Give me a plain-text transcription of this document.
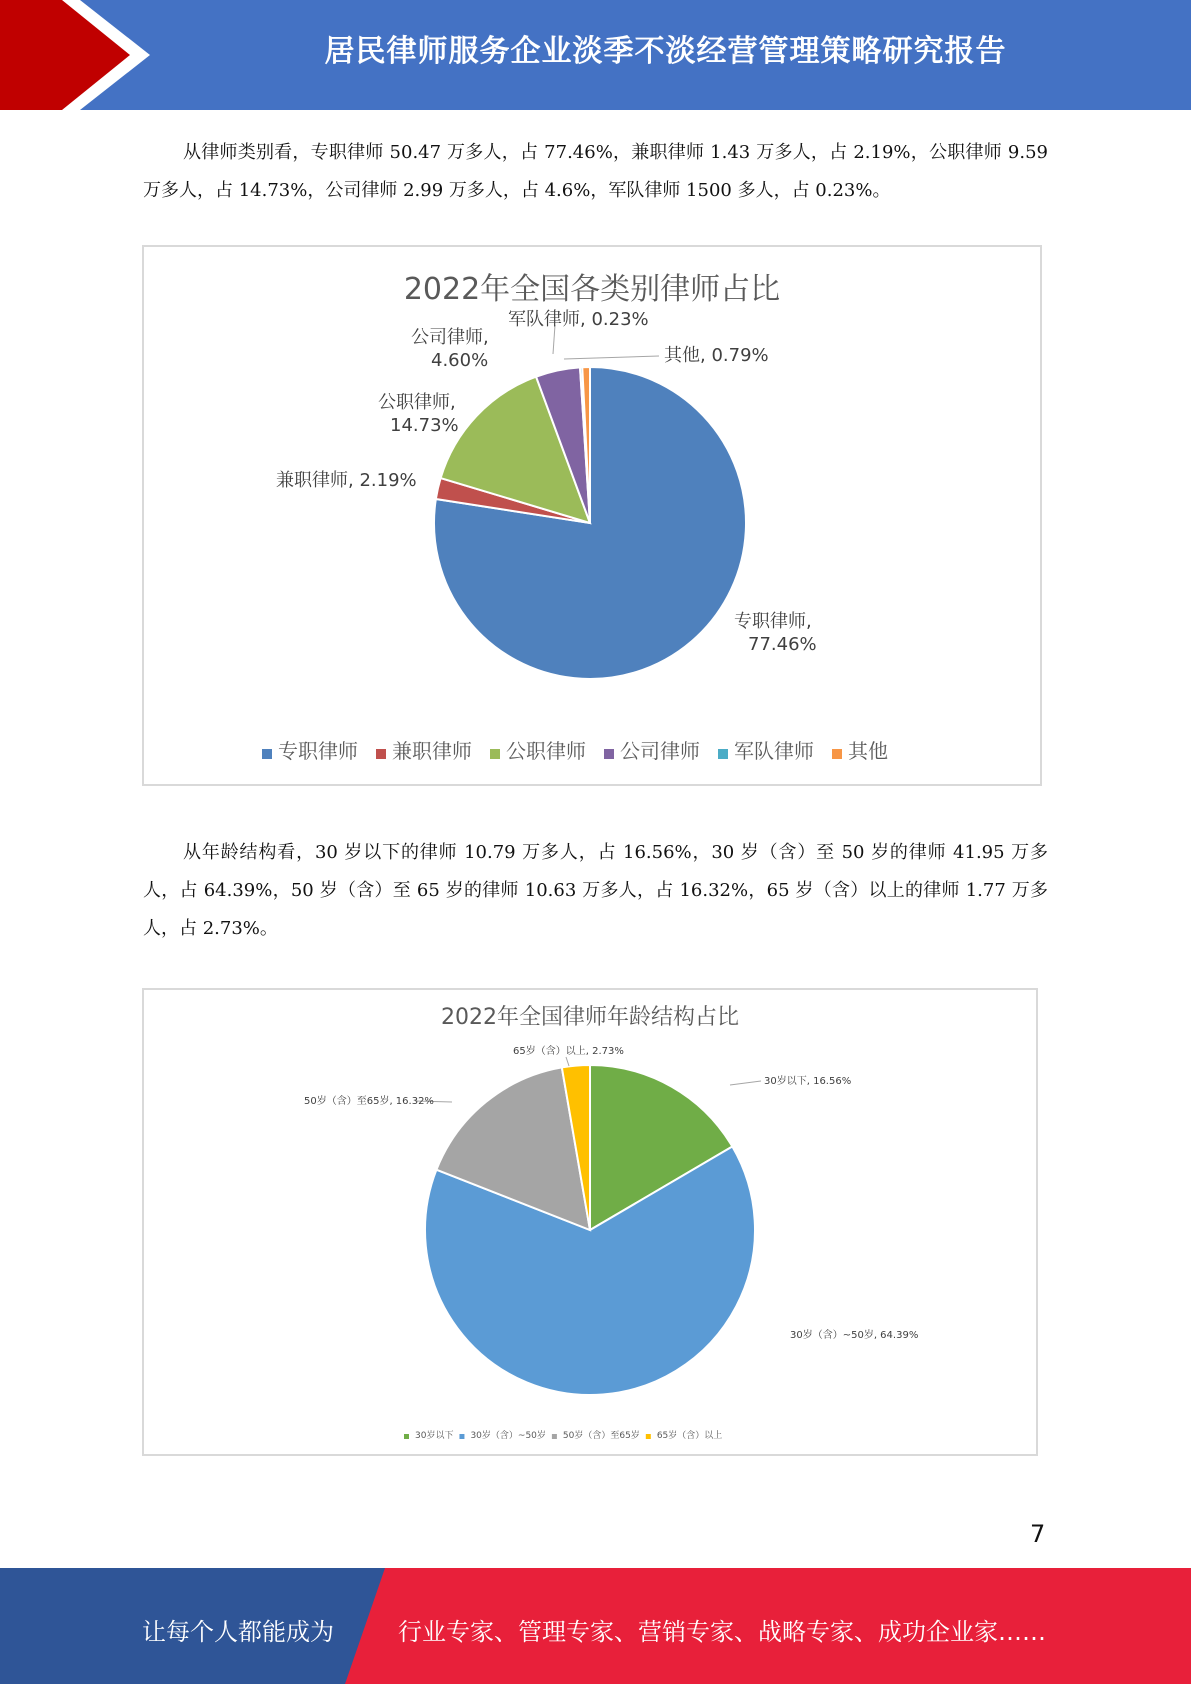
居民律师服务企业淡季不淡经营管理策略研究报告

从律师类别看，专职律师 50.47 万多人，占 77.46%，兼职律师 1.43 万多人，占 2.19%，公职律师 9.59 万多人，占 14.73%，公司律师 2.99 万多人，占 4.6%，军队律师 1500 多人，占 0.23%。

2022年全国各类别律师占比
专职律师, 77.46%
兼职律师, 2.19%
公职律师, 14.73%
公司律师, 4.60%
军队律师, 0.23%
其他, 0.79%
专职律师 兼职律师 公职律师 公司律师 军队律师 其他

从年龄结构看，30 岁以下的律师 10.79 万多人，占 16.56%，30 岁（含）至 50 岁的律师 41.95 万多人，占 64.39%，50 岁（含）至 65 岁的律师 10.63 万多人，占 16.32%，65 岁（含）以上的律师 1.77 万多人，占 2.73%。

2022年全国律师年龄结构占比
30岁以下, 16.56%
30岁（含）~50岁, 64.39%
50岁（含）至65岁, 16.32%
65岁（含）以上, 2.73%
30岁以下 30岁（含）~50岁 50岁（含）至65岁 65岁（含）以上
7
让每个人都能成为	行业专家、管理专家、营销专家、战略专家、成功企业家……
